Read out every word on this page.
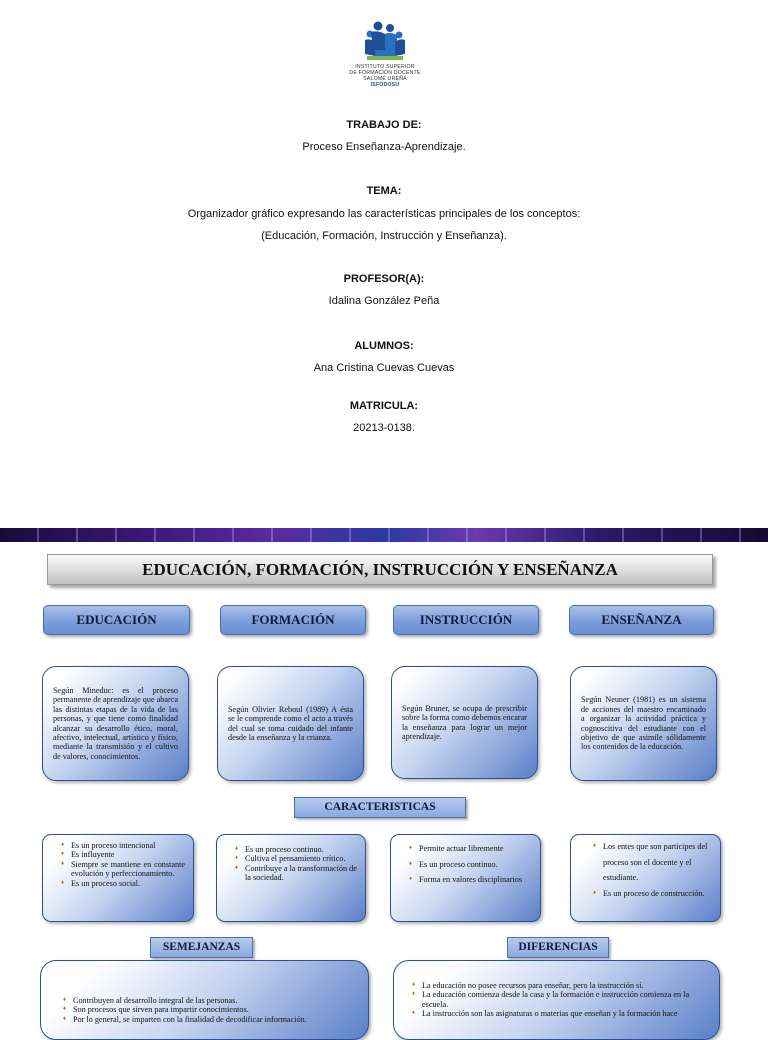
INSTITUTO SUPERIOR
DE FORMACIÓN DOCENTE
SALOMÉ UREÑA
ISFODOSU
TRABAJO DE:
Proceso Enseñanza-Aprendizaje.
TEMA:
Organizador gráfico expresando las características principales de los conceptos:
(Educación, Formación, Instrucción y Enseñanza).
PROFESOR(A):
Idalina González Peña
ALUMNOS:
Ana Cristina Cuevas Cuevas
MATRICULA:
20213-0138.
EDUCACIÓN, FORMACIÓN, INSTRUCCIÓN Y ENSEÑANZA
EDUCACIÓN	FORMACIÓN	INSTRUCCIÓN	ENSEÑANZA
Según Mineduc: es el proceso permanente de aprendizaje que abarca las distintas etapas de la vida de las personas, y que tiene como finalidad alcanzar su desarrollo ético, moral, afectivo, intelectual, artístico y físico, mediante la transmisión y el cultivo de valores, conocimientos.
Según Olivier Reboul (1989) A ésta se le comprende como el acto a través del cual se toma cuidado del infante desde la enseñanza y la crianza.
Según Bruner, se ocupa de prescribir sobre la forma como debemos encarar la enseñanza para lograr un mejor aprendizaje.
Según Neuner (1981) es un sistema de acciones del maestro encaminado a organizar la actividad práctica y cognoscitiva del estudiante con el objetivo de que asimile sólidamente los contenidos de la educación.
CARACTERISTICAS
♦ Es un proceso intencional
♦ Es influyente
♦ Siempre se mantiene en constante evolución y perfeccionamiento.
♦ Es un proceso social.
♦ Es un proceso continuo.
♦ Cultiva el pensamiento crítico.
♦ Contribuye a la transformación de la sociedad.
♦ Permite actuar libremente
♦ Es un proceso continuo.
♦ Forma en valores disciplinarios
♦ Los entes que son participes del proceso son el docente y el estudiante.
♦ Es un proceso de construcción.
SEMEJANZAS	DIFERENCIAS
♦ Contribuyen al desarrollo integral de las personas.
♦ Son procesos que sirven para impartir conocimientos.
♦ Por lo general, se imparten con la finalidad de decodificar información.
♦ La educación no posee recursos para enseñar, pero la instrucción sí.
♦ La educación comienza desde la casa y la formación e instrucción comienza en la escuela.
♦ La instrucción son las asignaturas o materias que enseñan y la formación hace
